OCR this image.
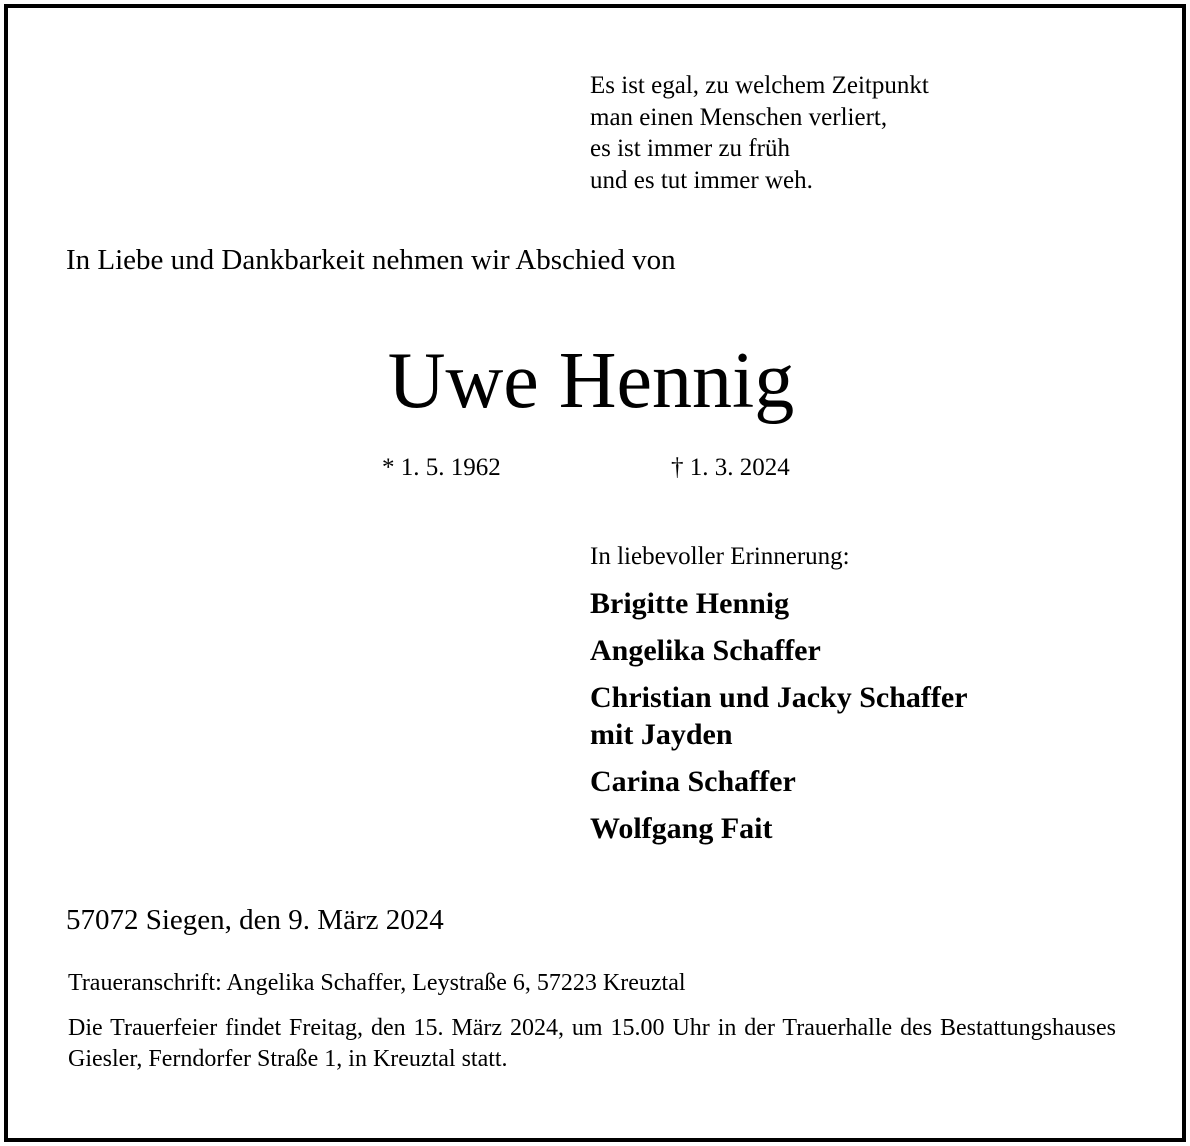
Es ist egal, zu welchem Zeitpunkt
man einen Menschen verliert,
es ist immer zu früh
und es tut immer weh.
In Liebe und Dankbarkeit nehmen wir Abschied von
Uwe Hennig
* 1. 5. 1962	† 1. 3. 2024
In liebevoller Erinnerung:
Brigitte Hennig
Angelika Schaffer
Christian und Jacky Schaffer
mit Jayden
Carina Schaffer
Wolfgang Fait
57072 Siegen, den 9. März 2024
Traueranschrift: Angelika Schaffer, Leystraße 6, 57223 Kreuztal
Die Trauerfeier findet Freitag, den 15. März 2024, um 15.00 Uhr in der Trauerhalle des Bestattungshauses Giesler, Ferndorfer Straße 1, in Kreuztal statt.
